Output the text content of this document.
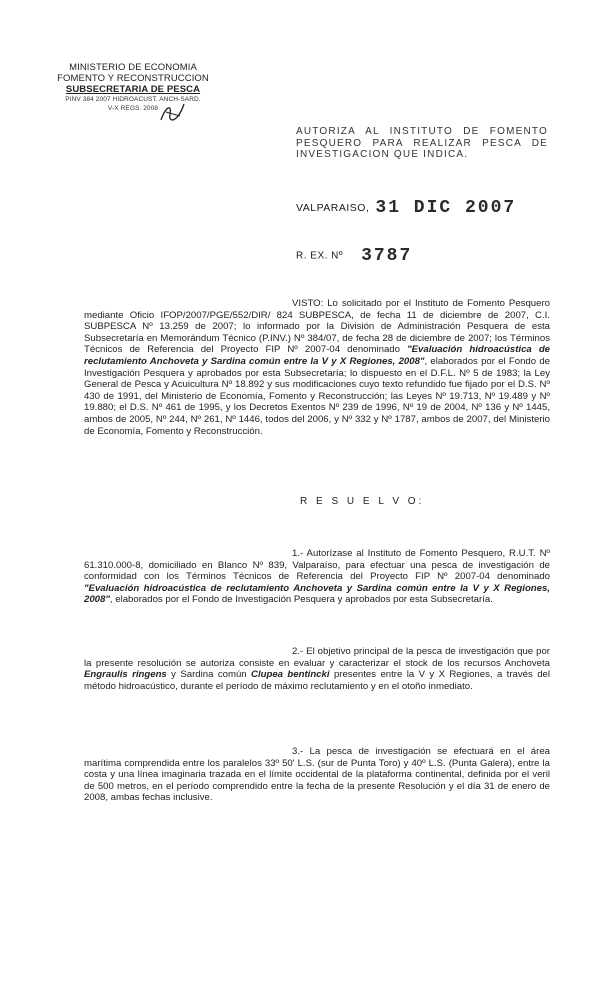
MINISTERIO DE ECONOMIA
FOMENTO Y RECONSTRUCCION
SUBSECRETARIA DE PESCA
PINV 384 2007 HIDROACUST. ANCH-SARD.
V-X REGS. 2008
AUTORIZA AL INSTITUTO DE FOMENTO PESQUERO PARA REALIZAR PESCA DE INVESTIGACION QUE INDICA.
VALPARAISO, 31 DIC 2007
R. EX. Nº 3787
VISTO: Lo solicitado por el Instituto de Fomento Pesquero mediante Oficio IFOP/2007/PGE/552/DIR/ 824 SUBPESCA, de fecha 11 de diciembre de 2007, C.I. SUBPESCA Nº 13.259 de 2007; lo informado por la División de Administración Pesquera de esta Subsecretaría en Memorándum Técnico (P.INV.) Nº 384/07, de fecha 28 de diciembre de 2007; los Términos Técnicos de Referencia del Proyecto FIP Nº 2007-04 denominado "Evaluación hidroacústica de reclutamiento Anchoveta y Sardina común entre la V y X Regiones, 2008", elaborados por el Fondo de Investigación Pesquera y aprobados por esta Subsecretaría; lo dispuesto en el D.F.L. Nº 5 de 1983; la Ley General de Pesca y Acuicultura Nº 18.892 y sus modificaciones cuyo texto refundido fue fijado por el D.S. Nº 430 de 1991, del Ministerio de Economía, Fomento y Reconstrucción; las Leyes Nº 19.713, Nº 19.489 y Nº 19.880; el D.S. Nº 461 de 1995, y los Decretos Exentos Nº 239 de 1996, Nº 19 de 2004, Nº 136 y Nº 1445, ambos de 2005, Nº 244, Nº 261, Nº 1446, todos del 2006, y Nº 332 y Nº 1787, ambos de 2007, del Ministerio de Economía, Fomento y Reconstrucción.
R E S U E L V O:
1.- Autorízase al Instituto de Fomento Pesquero, R.U.T. Nº 61.310.000-8, domiciliado en Blanco Nº 839, Valparaíso, para efectuar una pesca de investigación de conformidad con los Términos Técnicos de Referencia del Proyecto FIP Nº 2007-04 denominado "Evaluación hidroacústica de reclutamiento Anchoveta y Sardina común entre la V y X Regiones, 2008", elaborados por el Fondo de Investigación Pesquera y aprobados por esta Subsecretaría.
2.- El objetivo principal de la pesca de investigación que por la presente resolución se autoriza consiste en evaluar y caracterizar el stock de los recursos Anchoveta Engraulis ringens y Sardina común Clupea bentincki presentes entre la V y X Regiones, a través del método hidroacústico, durante el período de máximo reclutamiento y en el otoño inmediato.
3.- La pesca de investigación se efectuará en el área marítima comprendida entre los paralelos 33º 50' L.S. (sur de Punta Toro) y 40º L.S. (Punta Galera), entre la costa y una línea imaginaria trazada en el límite occidental de la plataforma continental, definida por el veril de 500 metros, en el período comprendido entre la fecha de la presente Resolución y el día 31 de enero de 2008, ambas fechas inclusive.
